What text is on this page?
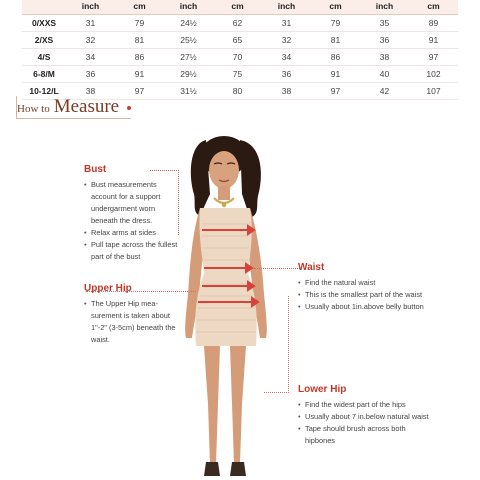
	inch	cm	inch	cm	inch	cm	inch	cm
0/XXS	31	79	24½	62	31	79	35	89
2/XS	32	81	25½	65	32	81	36	91
4/S	34	86	27½	70	34	86	38	97
6-8/M	36	91	29½	75	36	91	40	102
10-12/L	38	97	31½	80	38	97	42	107
How to Measure
Bust
• Bust measurements account for a support undergarment worn beneath the dress.
• Relax arms at sides
• Pull tape across the fullest part of the bust
Upper Hip
• The Upper Hip mea-surement is taken about 1"-2" (3-5cm) beneath the waist.
Waist
• Find the natural waist
• This is the smallest part of the waist
• Usually about 1in.above belly button
Lower Hip
• Find the widest part of the hips
• Usually about 7 in.below natural waist
• Tape should brush across both hipbones
